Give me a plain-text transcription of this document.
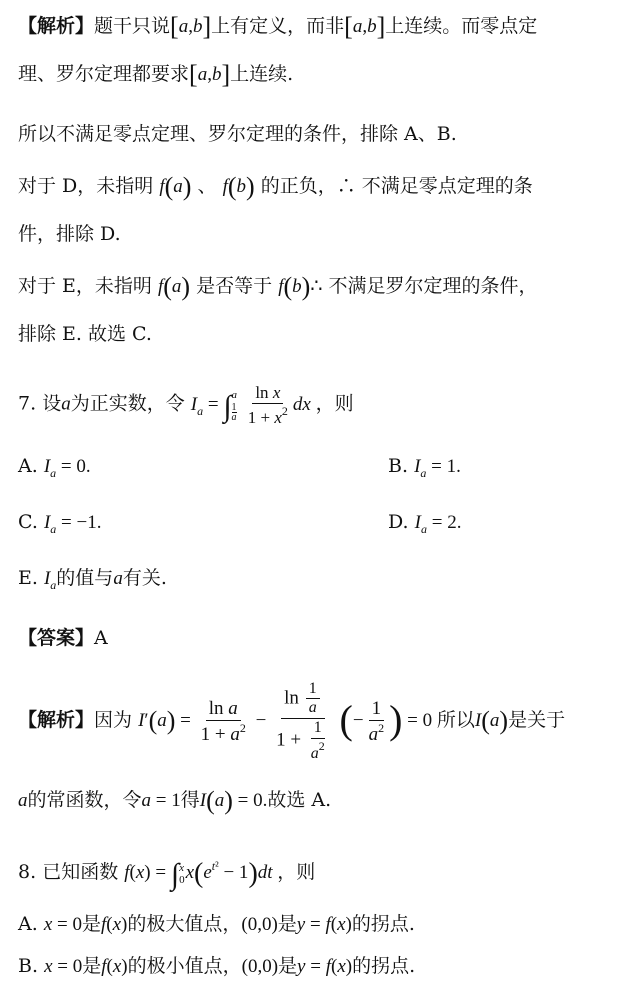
【解析】题干只说[a,b]上有定义，而非[a,b]上连续。而零点定
理、罗尔定理都要求[a,b]上连续.
所以不满足零点定理、罗尔定理的条件，排除 A、B.
对于 D，未指明 f(a) 、 f(b) 的正负，∴ 不满足零点定理的条
件，排除 D.
对于 E，未指明 f(a) 是否等于 f(b)∴ 不满足罗尔定理的条件，
排除 E. 故选 C.
7. 设a为正实数，令 $I_a$ = ∫ a
1
a
$\frac{\text{ln x}}{1 + x^2}$ dx ，则
A. $I_a = 0$.	B. $I_a = 1$.
C. $I_a = -1$.	D. $I_a = 2$.
E. $I_a$的值与a有关.
【答案】A
【解析】因为 $I'(a) = \frac{\text{ln a}}{1 + a^2} - \frac{\ln \frac{1}{a}}{1 + \frac{1}{a^2}}$ (− $\frac{1}{a^2}$ ) = 0 所以I(a)是关于
a的常函数，令a = 1得I(a) = 0.故选 A.
8. 已知函数 f(x) = ∫ x
0 $x(e^{t^2} - 1)dt$ ，则
A. x = 0是f(x)的极大值点，(0,0)是y = f(x)的拐点.
B. x = 0是f(x)的极小值点，(0,0)是y = f(x)的拐点.
